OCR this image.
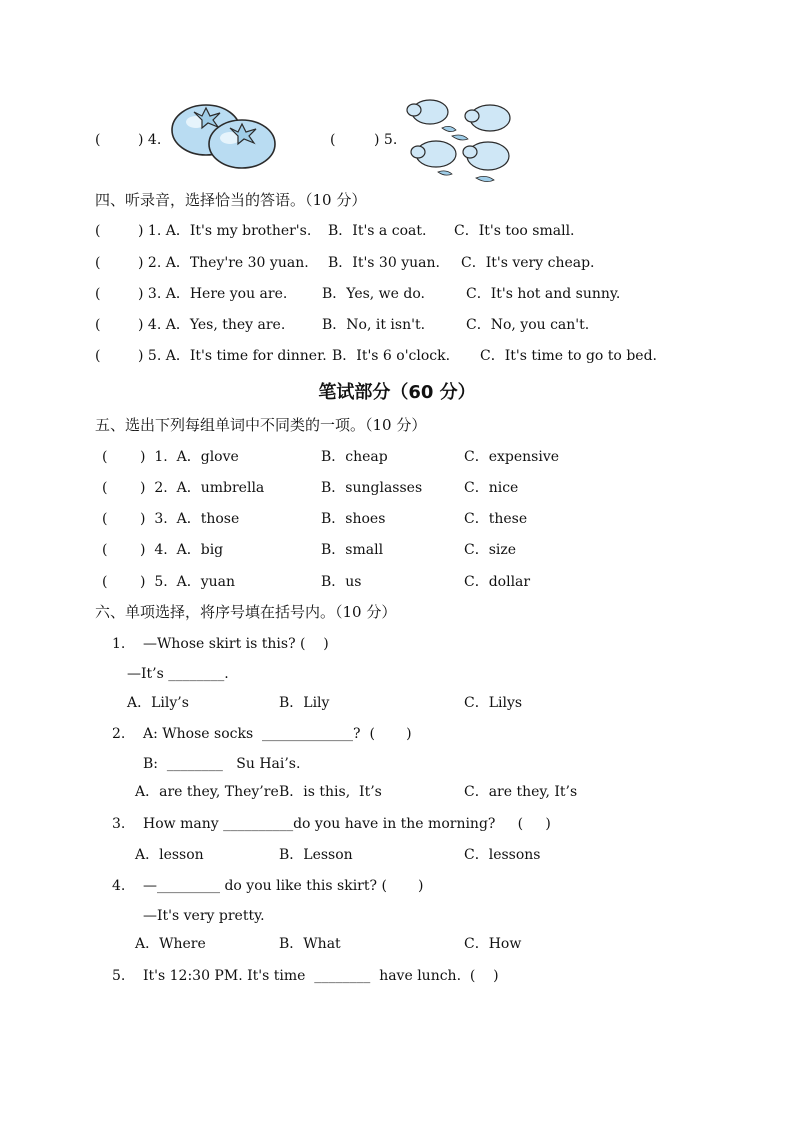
(	) 4.	(	) 5.
四、听录音，选择恰当的答语。（10 分）
(	) 1. A．It's my brother's. B．It's a coat. C．It's too small.
(	) 2. A．They're 30 yuan. B．It's 30 yuan. C．It's very cheap.
(	) 3. A．Here you are. B．Yes, we do.	C．It's hot and sunny.
(	) 4. A．Yes, they are.	B．No, it isn't.	C．No, you can't.
(	) 5. A．It's time for dinner. B．It's 6 o'clock. C．It's time to go to bed.
笔试部分（60 分）
五、选出下列每组单词中不同类的一项。（10 分）
( )  1.  A．glove	B．cheap	C．expensive
( )  2.  A．umbrella	B．sunglasses	C．nice
( )  3.  A．those	B．shoes	C．these
( )  4.  A．big	B．small	C．size
( )  5.  A．yuan	B．us	C．dollar
六、单项选择，将序号填在括号内。（10 分）
1. —Whose skirt is this? (    )
—It’s ________.
A．Lily’s	B．Lily	C．Lilys
2. A: Whose socks  _____________?  (       )
B:  ________   Su Hai’s.
A．are they, They’re B．is this,  It’s	C．are they, It’s
3. How many __________do you have in the morning?     (     )
A．lesson	B．Lesson	C．lessons
4. —_________ do you like this skirt? (       )
—It's very pretty.
A．Where	B．What	C．How
5. It's 12:30 PM. It's time  ________  have lunch.  (    )
